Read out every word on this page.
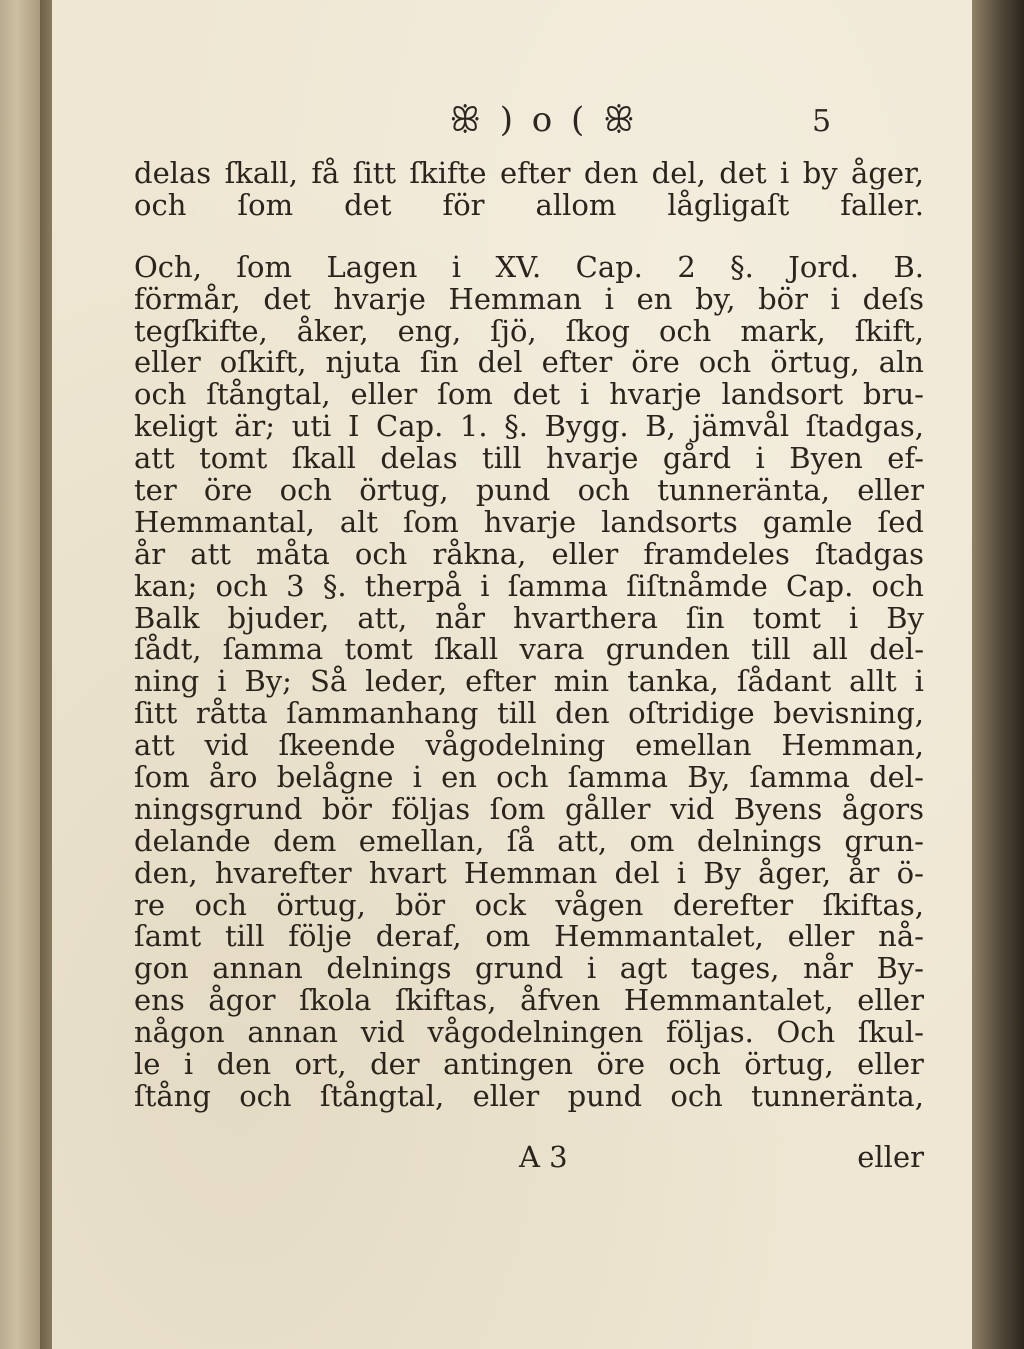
ꕥ ) o ( ꕥ	5
delas ſkall, få ſitt ſkifte efter den del, det i by åger,
och ſom det för allom lågligaſt faller.
Och, ſom Lagen i XV. Cap. 2 §. Jord. B.
förmår, det hvarje Hemman i en by, bör i deſs
tegſkifte, åker, eng, ſjö, ſkog och mark, ſkift,
eller oſkift, njuta ſin del efter öre och örtug, aln
och ſtångtal, eller ſom det i hvarje landsort bru-
keligt är; uti I Cap. 1. §. Bygg. B, jämvål ſtadgas,
att tomt ſkall delas till hvarje gård i Byen ef-
ter öre och örtug, pund och tunneränta, eller
Hemmantal, alt ſom hvarje landsorts gamle ſed
år att måta och råkna, eller framdeles ſtadgas
kan; och 3 §. therpå i ſamma ſiſtnåmde Cap. och
Balk bjuder, att, når hvarthera ſin tomt i By
ſådt, ſamma tomt ſkall vara grunden till all del-
ning i By; Så leder, efter min tanka, ſådant allt i
ſitt råtta ſammanhang till den oſtridige bevisning,
att vid ſkeende vågodelning emellan Hemman,
ſom åro belågne i en och ſamma By, ſamma del-
ningsgrund bör följas ſom gåller vid Byens ågors
delande dem emellan, ſå att, om delnings grun-
den, hvarefter hvart Hemman del i By åger, år ö-
re och örtug, bör ock vågen derefter ſkiftas,
ſamt till följe deraf, om Hemmantalet, eller nå-
gon annan delnings grund i agt tages, når By-
ens ågor ſkola ſkiftas, åfven Hemmantalet, eller
någon annan vid vågodelningen följas. Och ſkul-
le i den ort, der antingen öre och örtug, eller
ſtång och ſtångtal, eller pund och tunneränta,
A 3	eller
